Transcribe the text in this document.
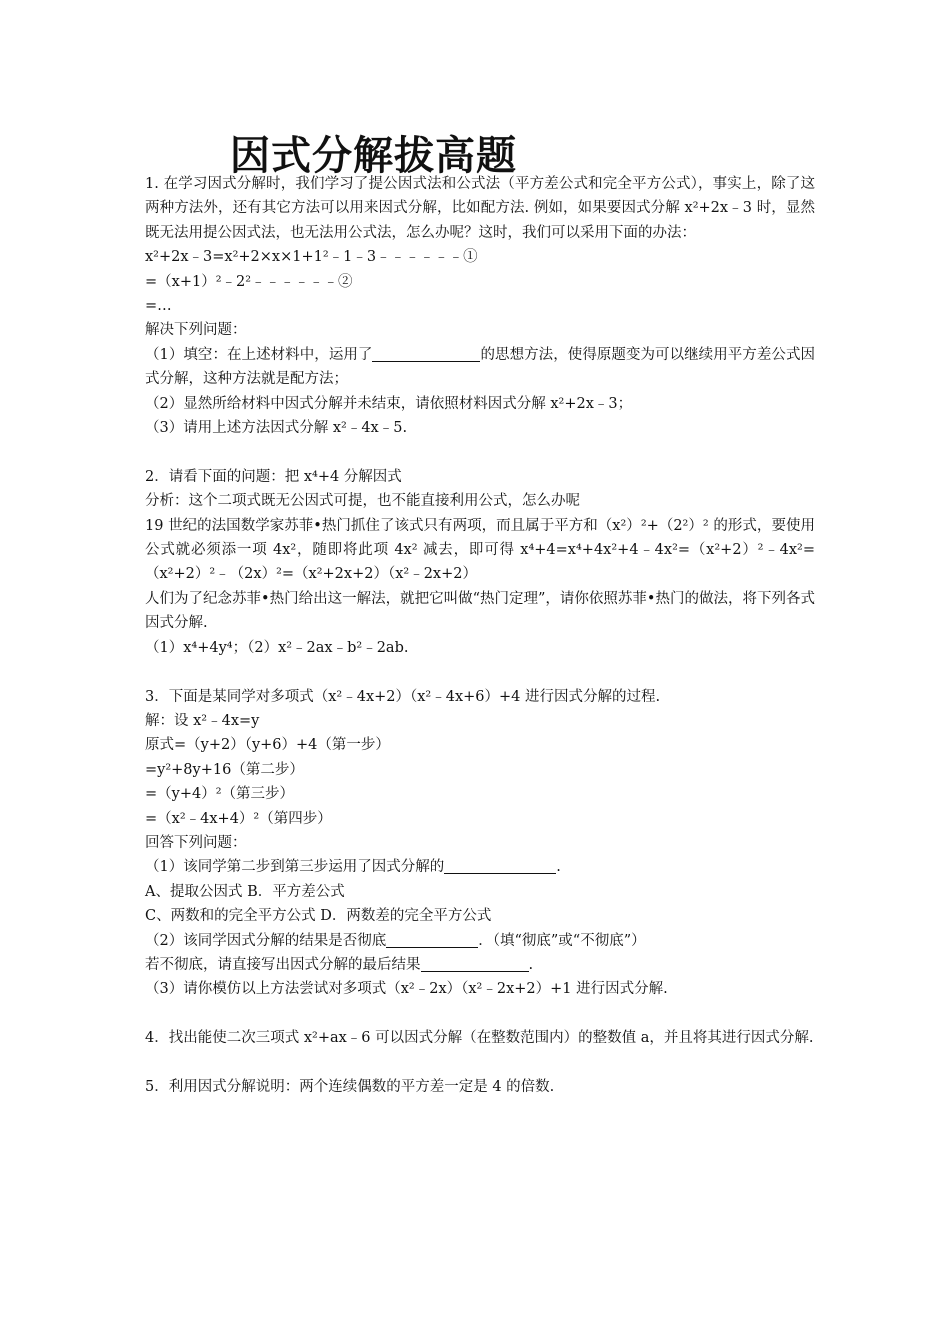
因式分解拔高题

1. 在学习因式分解时，我们学习了提公因式法和公式法（平方差公式和完全平方公式），事实上，除了这两种方法外，还有其它方法可以用来因式分解，比如配方法. 例如，如果要因式分解 x²+2x﹣3 时，显然既无法用提公因式法，也无法用公式法，怎么办呢？这时，我们可以采用下面的办法：

x²+2x﹣3=x²+2×x×1+1²﹣1﹣3﹣﹣﹣﹣﹣﹣①

=（x+1）²﹣2²﹣﹣﹣﹣﹣﹣②

=…

解决下列问题：

（1）填空：在上述材料中，运用了	的思想方法，使得原题变为可以继续用平方差公式因式分解，这种方法就是配方法；

（2）显然所给材料中因式分解并未结束，请依照材料因式分解 x²+2x﹣3；

（3）请用上述方法因式分解 x²﹣4x﹣5.

2．请看下面的问题：把 x⁴+4 分解因式

分析：这个二项式既无公因式可提，也不能直接利用公式，怎么办呢

19 世纪的法国数学家苏菲•热门抓住了该式只有两项，而且属于平方和（x²）²+（2²）² 的形式，要使用公式就必须添一项 4x²，随即将此项 4x² 减去，即可得 x⁴+4=x⁴+4x²+4﹣4x²=（x²+2）²﹣4x²=（x²+2）²﹣（2x）²=（x²+2x+2）（x²﹣2x+2）

人们为了纪念苏菲•热门给出这一解法，就把它叫做“热门定理”，请你依照苏菲•热门的做法，将下列各式因式分解.

（1）x⁴+4y⁴；（2）x²﹣2ax﹣b²﹣2ab.

3．下面是某同学对多项式（x²﹣4x+2）（x²﹣4x+6）+4 进行因式分解的过程.

解：设 x²﹣4x=y

原式=（y+2）（y+6）+4（第一步）

=y²+8y+16（第二步）

=（y+4）²（第三步）

=（x²﹣4x+4）²（第四步）

回答下列问题：

（1）该同学第二步到第三步运用了因式分解的	.

A、提取公因式 B．平方差公式

C、两数和的完全平方公式 D．两数差的完全平方公式

（2）该同学因式分解的结果是否彻底	．（填“彻底”或“不彻底”）

若不彻底，请直接写出因式分解的最后结果	.

（3）请你模仿以上方法尝试对多项式（x²﹣2x）（x²﹣2x+2）+1 进行因式分解.

4．找出能使二次三项式 x²+ax﹣6 可以因式分解（在整数范围内）的整数值 a，并且将其进行因式分解.

5．利用因式分解说明：两个连续偶数的平方差一定是 4 的倍数.
